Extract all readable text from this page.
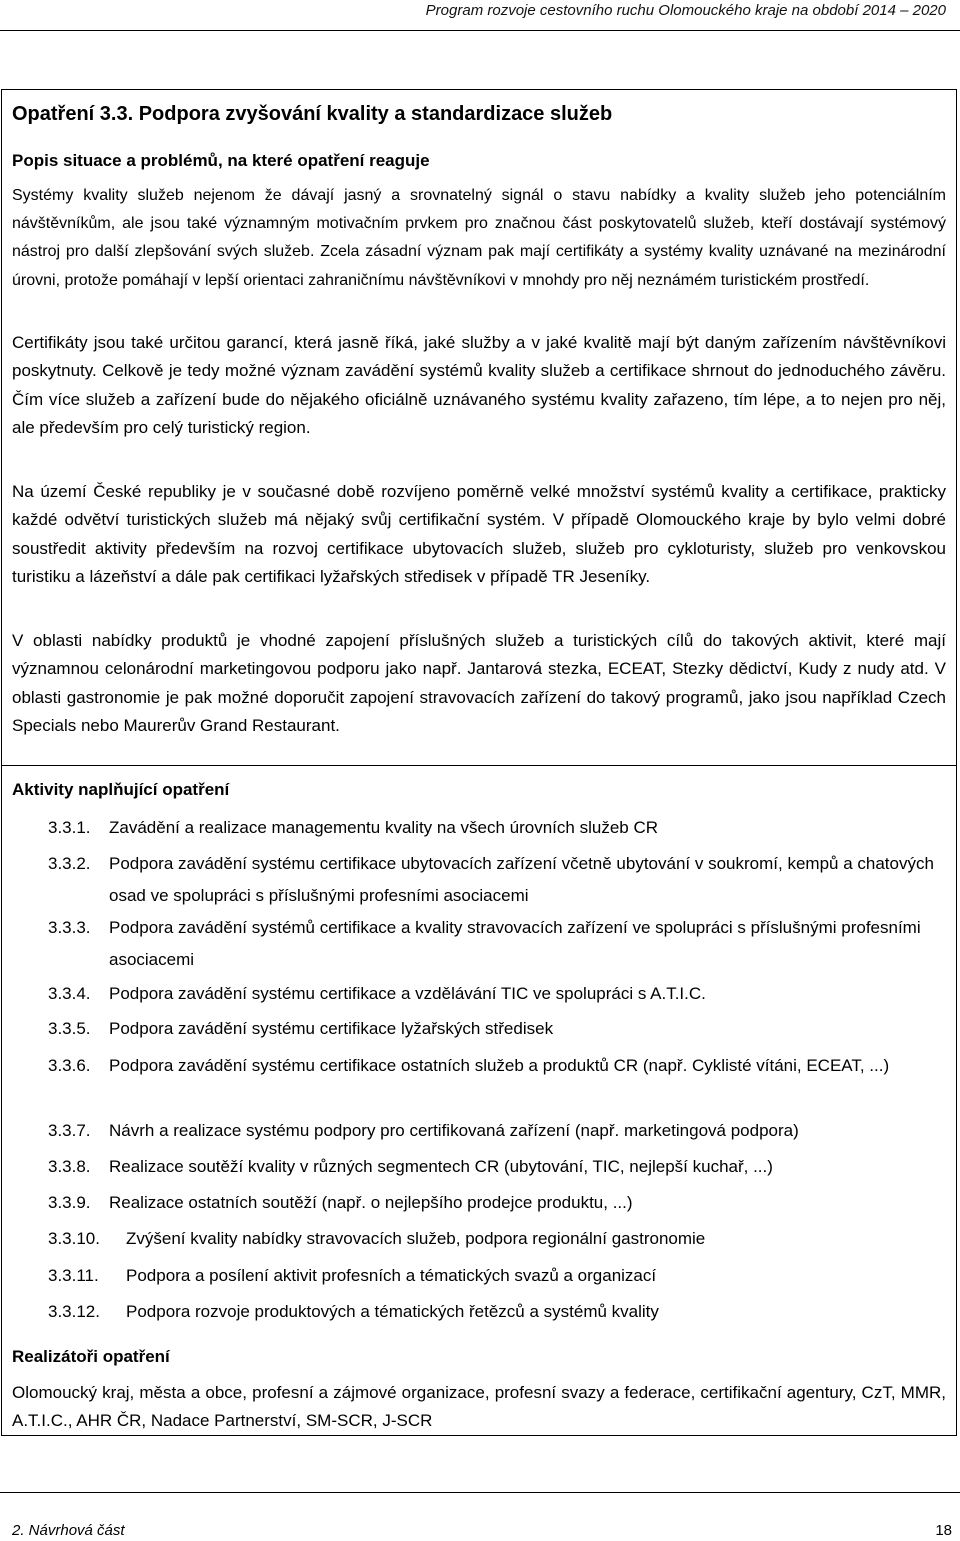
Program rozvoje cestovního ruchu Olomouckého kraje na období 2014 – 2020
Opatření 3.3. Podpora zvyšování kvality a standardizace služeb
Popis situace a problémů, na které opatření reaguje
Systémy kvality služeb nejenom že dávají jasný a srovnatelný signál o stavu nabídky a kvality služeb jeho potenciálním návštěvníkům, ale jsou také významným motivačním prvkem pro značnou část poskytovatelů služeb, kteří dostávají systémový nástroj pro další zlepšování svých služeb. Zcela zásadní význam pak mají certifikáty a systémy kvality uznávané na mezinárodní úrovni, protože pomáhají v lepší orientaci zahraničnímu návštěvníkovi v mnohdy pro něj neznámém turistickém prostředí.
Certifikáty jsou také určitou garancí, která jasně říká, jaké služby a v jaké kvalitě mají být daným zařízením návštěvníkovi poskytnuty. Celkově je tedy možné význam zavádění systémů kvality služeb a certifikace shrnout do jednoduchého závěru. Čím více služeb a zařízení bude do nějakého oficiálně uznávaného systému kvality zařazeno, tím lépe, a to nejen pro něj, ale především pro celý turistický region.
Na území České republiky je v současné době rozvíjeno poměrně velké množství systémů kvality a certifikace, prakticky každé odvětví turistických služeb má nějaký svůj certifikační systém. V případě Olomouckého kraje by bylo velmi dobré soustředit aktivity především na rozvoj certifikace ubytovacích služeb, služeb pro cykloturisty, služeb pro venkovskou turistiku a lázeňství a dále pak certifikaci lyžařských středisek v případě TR Jeseníky.
V oblasti nabídky produktů je vhodné zapojení příslušných služeb a turistických cílů do takových aktivit, které mají významnou celonárodní marketingovou podporu jako např. Jantarová stezka, ECEAT, Stezky dědictví, Kudy z nudy atd. V oblasti gastronomie je pak možné doporučit zapojení stravovacích zařízení do takový programů, jako jsou například Czech Specials nebo Maurerův Grand Restaurant.
Aktivity naplňující opatření
3.3.1. Zavádění a realizace managementu kvality na všech úrovních služeb CR
3.3.2. Podpora zavádění systému certifikace ubytovacích zařízení včetně ubytování v soukromí, kempů a chatových osad ve spolupráci s příslušnými profesními asociacemi
3.3.3. Podpora zavádění systémů certifikace a kvality stravovacích zařízení ve spolupráci s příslušnými profesními asociacemi
3.3.4. Podpora zavádění systému certifikace a vzdělávání TIC ve spolupráci s A.T.I.C.
3.3.5. Podpora zavádění systému certifikace lyžařských středisek
3.3.6. Podpora zavádění systému certifikace ostatních služeb a produktů CR (např. Cyklisté vítáni, ECEAT, ...)
3.3.7. Návrh a realizace systému podpory pro certifikovaná zařízení (např. marketingová podpora)
3.3.8. Realizace soutěží kvality v různých segmentech CR (ubytování, TIC, nejlepší kuchař, ...)
3.3.9. Realizace ostatních soutěží (např. o nejlepšího prodejce produktu, ...)
3.3.10. Zvýšení kvality nabídky stravovacích služeb, podpora regionální gastronomie
3.3.11. Podpora a posílení aktivit profesních a tématických svazů a organizací
3.3.12. Podpora rozvoje produktových a tématických řetězců a systémů kvality
Realizátoři opatření
Olomoucký kraj, města a obce, profesní a zájmové organizace, profesní svazy a federace, certifikační agentury, CzT, MMR, A.T.I.C., AHR ČR, Nadace Partnerství, SM-SCR, J-SCR
2. Návrhová část	18
